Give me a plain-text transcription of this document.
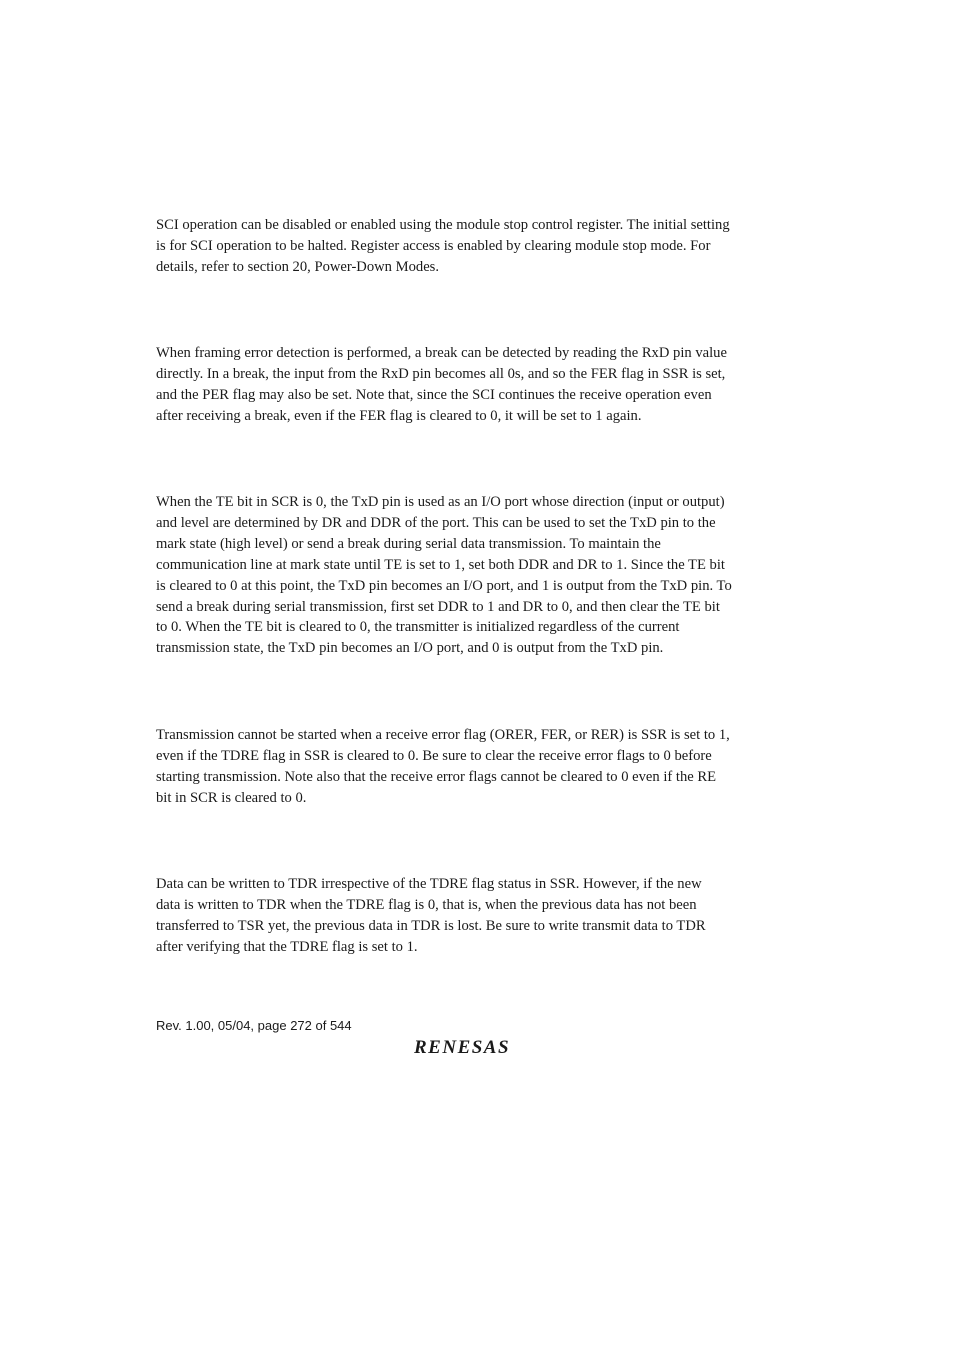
SCI operation can be disabled or enabled using the module stop control register. The initial setting
is for SCI operation to be halted. Register access is enabled by clearing module stop mode. For
details, refer to section 20, Power-Down Modes.
When framing error detection is performed, a break can be detected by reading the RxD pin value
directly. In a break, the input from the RxD pin becomes all 0s, and so the FER flag in SSR is set,
and the PER flag may also be set. Note that, since the SCI continues the receive operation even
after receiving a break, even if the FER flag is cleared to 0, it will be set to 1 again.
When the TE bit in SCR is 0, the TxD pin is used as an I/O port whose direction (input or output)
and level are determined by DR and DDR of the port. This can be used to set the TxD pin to the
mark state (high level) or send a break during serial data transmission. To maintain the
communication line at mark state until TE is set to 1, set both DDR and DR to 1. Since the TE bit
is cleared to 0 at this point, the TxD pin becomes an I/O port, and 1 is output from the TxD pin. To
send a break during serial transmission, first set DDR to 1 and DR to 0, and then clear the TE bit
to 0. When the TE bit is cleared to 0, the transmitter is initialized regardless of the current
transmission state, the TxD pin becomes an I/O port, and 0 is output from the TxD pin.
Transmission cannot be started when a receive error flag (ORER, FER, or RER) is SSR is set to 1,
even if the TDRE flag in SSR is cleared to 0. Be sure to clear the receive error flags to 0 before
starting transmission. Note also that the receive error flags cannot be cleared to 0 even if the RE
bit in SCR is cleared to 0.
Data can be written to TDR irrespective of the TDRE flag status in SSR. However, if the new
data is written to TDR when the TDRE flag is 0, that is, when the previous data has not been
transferred to TSR yet, the previous data in TDR is lost. Be sure to write transmit data to TDR
after verifying that the TDRE flag is set to 1.
Rev. 1.00, 05/04, page 272 of 544
RENESAS
